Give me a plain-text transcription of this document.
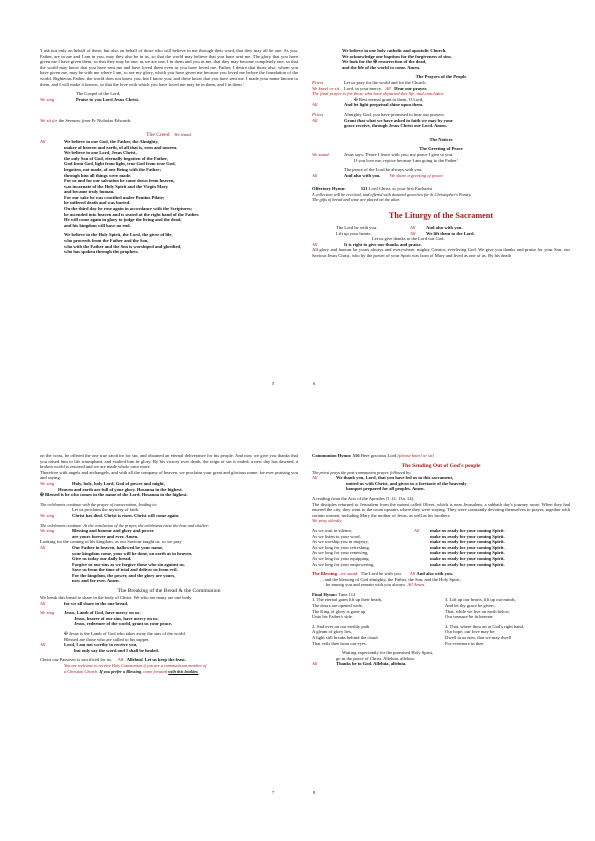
'I ask not only on behalf of these, but also on behalf of those who will believe in me through their word, that they may all be one. As you, Father, are in me and I am in you, may they also be in us, so that the world may believe that you have sent me. The glory that you have given me I have given them, so that they may be one, as we are one, I in them and you in me, that they may become completely one, so that the world may know that you have sent me and have loved them even as you have loved me. Father, I desire that those also, whom you have given me, may be with me where I am, to see my glory, which you have given me because you loved me before the foundation of the world. Righteous Father, the world does not know you, but I know you; and these know that you have sent me. I made your name known to them, and I will make it known, so that the love with which you have loved me may be in them, and I in them.'
The Gospel of the Lord,
We sing	Praise to you Lord Jesus Christ.
We sit for the Sermon, from Fr Nicholas Edwards
The Creed We stand.
All	We believe in one God, the Father, the Almighty,
maker of heaven and earth, of all that is, seen and unseen.
We believe in one Lord, Jesus Christ,
the only Son of God, eternally begotten of the Father,
God from God, light from light, true God from true God,
begotten, not made, of one Being with the Father;
through him all things were made.
For us and for our salvation he came down from heaven,
was incarnate of the Holy Spirit and the Virgin Mary
and became truly human.
For our sake he was crucified under Pontius Pilate;
he suffered death and was buried.
On the third day he rose again in accordance with the Scriptures;
he ascended into heaven and is seated at the right hand of the Father.
He will come again in glory to judge the living and the dead,
and his kingdom will have no end.
We believe in the Holy Spirit, the Lord, the giver of life,
who proceeds from the Father and the Son,
who with the Father and the Son is worshiped and glorified,
who has spoken through the prophets.
5
We believe in one holy catholic and apostolic Church.
We acknowledge one baptism for the forgiveness of sins.
We look for the ✠ resurrection of the dead,
and the life of the world to come. Amen.
The Prayers of the People
Priest	Let us pray for the world and for the Church.
We kneel or sit. Lord, in your mercy, All Hear our prayer.
The final prayer is for those who have departed this life, and concludes:
✠ Rest eternal grant to them, O Lord,
All	And let light perpetual shine upon them.
Priest	Almighty God, you have promised to hear our prayers.
All	Grant that what we have asked in faith we may by your
grace receive, through Jesus Christ our Lord. Amen.
The Notices
The Greeting of Peace
We stand.	Jesus says: 'Peace I leave with you; my peace I give to you.
If you love me, rejoice because I am going to the Father'.
The peace of the Lord be always with you.
All	And also with you. We share a greeting of peace.
Offertory Hymn:	521 Lord Christ, at your first Eucharist
A collection will be received, and offered with donated groceries for St Christopher's Pantry.
The gifts of bread and wine are placed on the altar.
The Liturgy of the Sacrament
The Lord be with you.	All	And also with you.
Lift up your hearts.	All	We lift them to the Lord.
Let us give thanks to the Lord our God.
All	It is right to give our thanks and praise.
All glory and honour be yours always and everywhere, mighty Creator, everliving God. We give you thanks and praise for your Son, our Saviour Jesus Christ, who by the power of your Spirit was born of Mary and lived as one of us. By his death
6
on the cross, he offered the one true sacrifice for sin, and obtained an eternal deliverance for his people. And now we give you thanks that you raised him to life triumphant, and exalted him in glory. By his victory over death, the reign of sin is ended, a new day has dawned, a broken world is restored and we are made whole once more.
Therefore with angels and archangels, and with all the company of heaven, we proclaim your great and glorious name, for ever praising you and saying:
We sing	Holy, holy, holy Lord, God of power and might,
Heaven and earth are full of your glory. Hosanna in the highest.
✠ Blessed is he who comes in the name of the Lord. Hosanna in the highest.
The celebrants continue with the prayer of consecration, leading to:
Let us proclaim the mystery of faith.
We sing	Christ has died. Christ is risen. Christ will come again.
The celebrants continue. At the conclusion of the prayer, the celebrants raise the host and chalice:
We sing	Blessing and honour and glory and power
are yours forever and ever. Amen.
Looking for the coming of his kingdom, as our Saviour taught us, so we pray
All	Our Father in heaven, hallowed be your name,
your kingdom come, your will be done, on earth as in heaven.
Give us today our daily bread.
Forgive us our sins as we forgive those who sin against us.
Save us from the time of trial and deliver us from evil.
For the kingdom, the power, and the glory are yours,
now and for ever. Amen.
The Breaking of the Bread & the Communion
We break this bread to share in the body of Christ. We who are many are one body
All	for we all share in the one bread.
We sing	Jesus, Lamb of God, have mercy on us.
Jesus, bearer of our sins, have mercy on us.
Jesus, redeemer of the world, grant us your peace.
✠ Jesus is the Lamb of God who takes away the sins of the world.
Blessed are those who are called to his supper.
All	Lord, I am not worthy to receive you,
but only say the word and I shall be healed.
Christ our Passover is sacrificed for us. All Alleluia! Let us keep the feast.
You are welcome to receive Holy Communion if you are a communicant member of
a Christian Church. If you prefer a Blessing, come forward with this booklet.
7
Communion Hymn: 516 Here gracious Lord (please kneel or sit)
The Sending Out of God's people
The priest prays the post-communion prayer, followed by:
All	We thank you, Lord, that you have fed us in this sacrament,
united us with Christ, and given us a foretaste of the heavenly
banquet prepared for all peoples. Amen.
A reading from the Acts of the Apostles (1:12, 13a, 14).
The disciples returned to Jerusalem from the mount called Olivet, which is near Jerusalem, a sabbath day's journey away. When they had entered the city, they went to the room upstairs where they were staying. They were constantly devoting themselves to prayer, together with certain women, including Mary the mother of Jesus, as well as his brothers.
We pray silently.
As we wait in silence,	All	make us ready for your coming Spirit.
As we listen to your word,	make us ready for your coming Spirit.
As we worship you in majesty,	make us ready for your coming Spirit.
As we long for your refreshing,	make us ready for your coming Spirit.
As we long for your renewing,	make us ready for your coming Spirit.
As we long for your equipping,	make us ready for your coming Spirit.
As we long for your empowering,	make us ready for your coming Spirit.
The Blessing—we stand. The Lord be with you. All And also with you.
…and the blessing of God almighty, the Father, the Son, and the Holy Spirit,
be among you and remain with you always. All Amen.
Final Hymn: Tune 112
1. The eternal gates lift up their heads,
The doors are opened wide,
The King of glory is gone up
Unto his Father's side.
3. Lift up our hearts, lift up our minds,
And let thy grace be given,
That, while we live on earth below,
Our treasure be in heaven:
2. And ever on our earthly path
A gleam of glory lies,
A light still breaks behind the cloud
That veils thee from our eyes.
4. That, where thou art at God's right hand,
Our hope, our love may be:
Dwell in us now, that we may dwell
For evermore in thee.
Waiting expectantly for the promised Holy Spirit,
go in the peace of Christ. Alleluia, alleluia.
All	Thanks be to God. Alleluia, alleluia.
8
